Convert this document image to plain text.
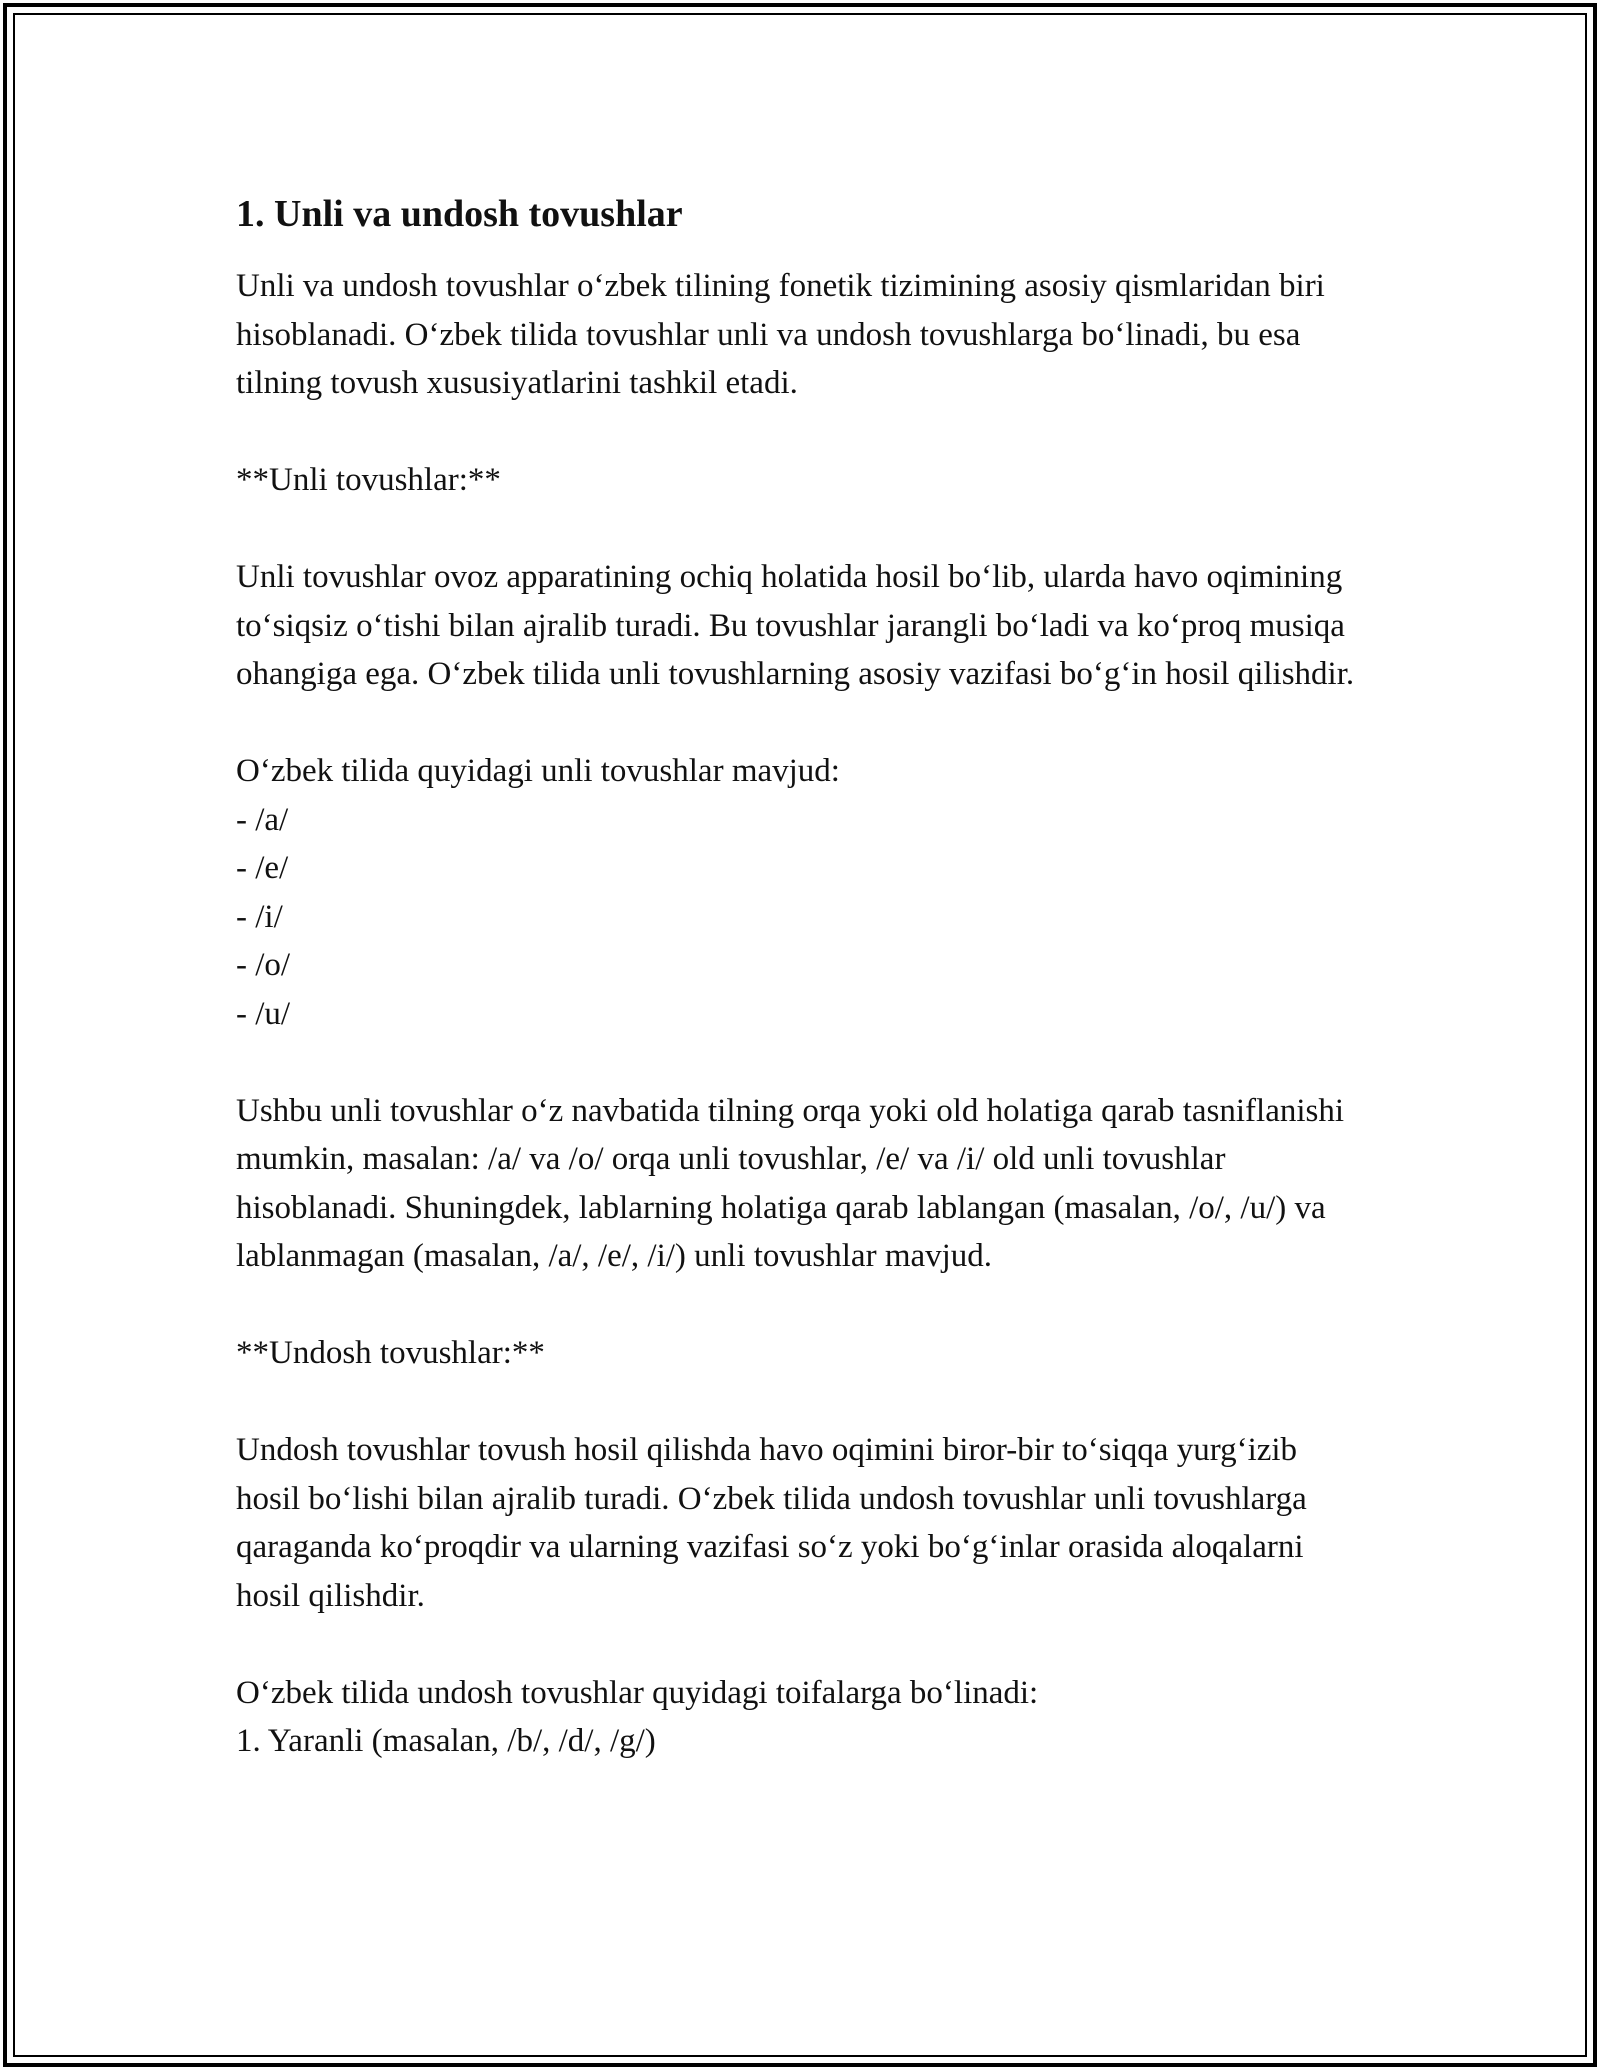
1. Unli va undosh tovushlar

Unli va undosh tovushlar o‘zbek tilining fonetik tizimining asosiy qismlaridan biri hisoblanadi. O‘zbek tilida tovushlar unli va undosh tovushlarga bo‘linadi, bu esa tilning tovush xususiyatlarini tashkil etadi.

**Unli tovushlar:**

Unli tovushlar ovoz apparatining ochiq holatida hosil bo‘lib, ularda havo oqimining to‘siqsiz o‘tishi bilan ajralib turadi. Bu tovushlar jarangli bo‘ladi va ko‘proq musiqa ohangiga ega. O‘zbek tilida unli tovushlarning asosiy vazifasi bo‘g‘in hosil qilishdir.

O‘zbek tilida quyidagi unli tovushlar mavjud:

- /a/

- /e/

- /i/

- /o/

- /u/

Ushbu unli tovushlar o‘z navbatida tilning orqa yoki old holatiga qarab tasniflanishi mumkin, masalan: /a/ va /o/ orqa unli tovushlar, /e/ va /i/ old unli tovushlar hisoblanadi. Shuningdek, lablarning holatiga qarab lablangan (masalan, /o/, /u/) va lablanmagan (masalan, /a/, /e/, /i/) unli tovushlar mavjud.

**Undosh tovushlar:**

Undosh tovushlar tovush hosil qilishda havo oqimini biror-bir to‘siqqa yurg‘izib hosil bo‘lishi bilan ajralib turadi. O‘zbek tilida undosh tovushlar unli tovushlarga qaraganda ko‘proqdir va ularning vazifasi so‘z yoki bo‘g‘inlar orasida aloqalarni hosil qilishdir.

O‘zbek tilida undosh tovushlar quyidagi toifalarga bo‘linadi:

1. Yaranli (masalan, /b/, /d/, /g/)
